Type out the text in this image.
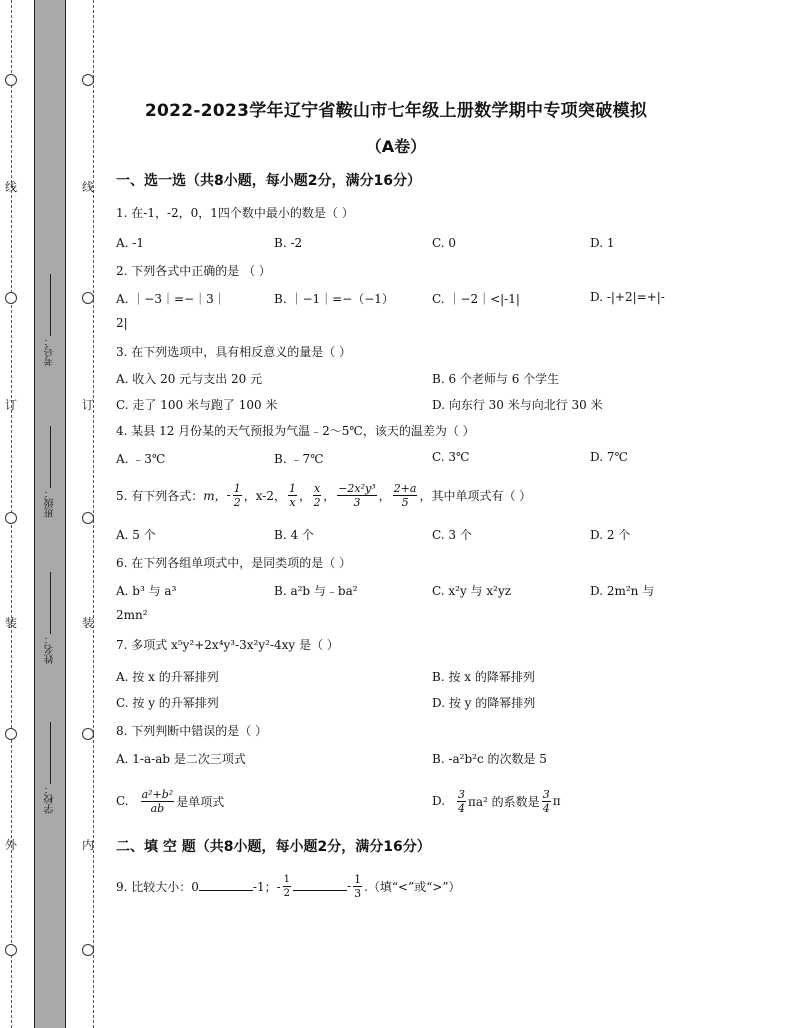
线
订
装
外
线
订
装
内
考号：
班级：
姓名：
学校：
2022-2023学年辽宁省鞍山市七年级上册数学期中专项突破模拟
（A卷）
一、选一选（共8小题，每小题2分，满分16分）
1. 在-1，-2，0，1四个数中最小的数是（ ）
A. -1	B. -2	C. 0	D. 1
2. 下列各式中正确的是 （ ）
A. ｜−3｜=−｜3｜	B. ｜−1｜=−（−1）	C. ｜−2｜<|-1|	D. -|+2|=+|-
2|
3. 在下列选项中，具有相反意义的量是（ ）
A. 收入 20 元与支出 20 元	B. 6 个老师与 6 个学生
C. 走了 100 米与跑了 100 米	D. 向东行 30 米与向北行 30 米
4. 某县 12 月份某的天气预报为气温﹣2～5℃，该天的温差为（ ）
A. ﹣3℃	B. ﹣7℃	C. 3℃	D. 7℃
5. 有下列各式： m， - $\frac{1}{2}$ ，x-2， $\frac{1}{x}$ ， $\frac{x}{2}$ ， $\frac{\text{−2x²y³}}{3}$ ， $\frac{2+a}{5}$ ，其中单项式有（ ）
A. 5 个	B. 4 个	C. 3 个	D. 2 个
6. 在下列各组单项式中，是同类项的是（ ）
A. b³ 与 a³	B. a²b 与﹣ba²	C. x²y 与 x²yz	D. 2m²n 与
2mn²
7. 多项式 x⁵y²+2x⁴y³-3x²y²-4xy 是（ ）
A. 按 x 的升幂排列	B. 按 x 的降幂排列
C. 按 y 的升幂排列	D. 按 y 的降幂排列
8. 下列判断中错误的是（ ）
A. 1-a-ab 是二次三项式	B. -a²b²c 的次数是 5
C. $\frac{\text{a²+b²}}{ab}$ 是单项式	D. $\frac{3}{4} \pi a^2$ 的系数是 $\frac{3}{4}$ π
二、填 空 题（共8小题，每小题2分，满分16分）
9. 比较大小：0	-1；- $\frac{1}{2}$	- $\frac{1}{3}$ .（填“<”或“>”）
